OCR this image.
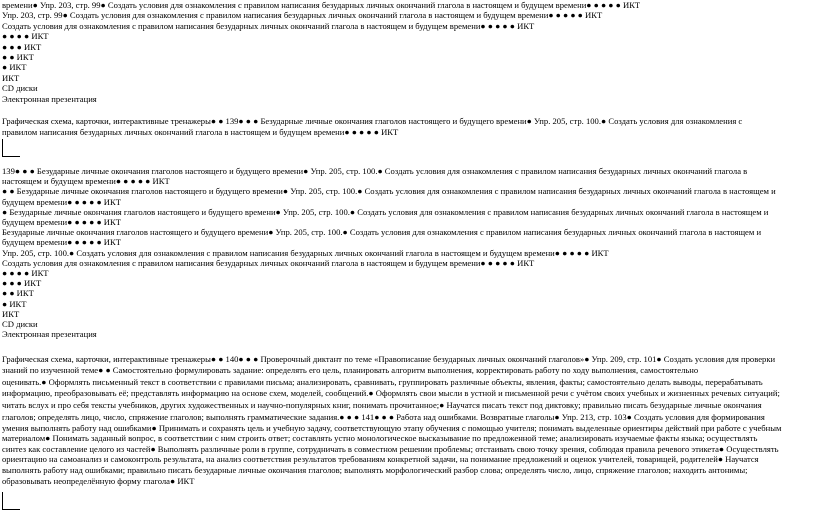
времени● Упр. 203, стр. 99● Создать условия для ознакомления с правилом написания безударных личных окончаний глагола в настоящем и будущем времени● ● ● ● ● ИКТ
Упр. 203, стр. 99● Создать условия для ознакомления с правилом написания безударных личных окончаний глагола в настоящем и будущем времени● ● ● ● ● ИКТ
Создать условия для ознакомления с правилом написания безударных личных окончаний глагола в настоящем и будущем времени● ● ● ● ● ИКТ
● ● ● ● ИКТ
● ● ● ИКТ
● ● ИКТ
● ИКТ
ИКТ
CD диски
Электронная презентация
Графическая схема, карточки, интерактивные тренажеры● ● 139● ● ● Безударные личные окончания глаголов настоящего и будущего времени● Упр. 205, стр. 100.● Создать условия для ознакомления с
правилом написания безударных личных окончаний глагола в настоящем и будущем времени● ● ● ● ● ИКТ
139● ● ● Безударные личные окончания глаголов настоящего и будущего времени● Упр. 205, стр. 100.● Создать условия для ознакомления с правилом написания безударных личных окончаний глагола в
настоящем и будущем времени● ● ● ● ● ИКТ
● ● Безударные личные окончания глаголов настоящего и будущего времени● Упр. 205, стр. 100.● Создать условия для ознакомления с правилом написания безударных личных окончаний глагола в настоящем и
будущем времени● ● ● ● ● ИКТ
● Безударные личные окончания глаголов настоящего и будущего времени● Упр. 205, стр. 100.● Создать условия для ознакомления с правилом написания безударных личных окончаний глагола в настоящем и
будущем времени● ● ● ● ● ИКТ
Безударные личные окончания глаголов настоящего и будущего времени● Упр. 205, стр. 100.● Создать условия для ознакомления с правилом написания безударных личных окончаний глагола в настоящем и
будущем времени● ● ● ● ● ИКТ
Упр. 205, стр. 100.● Создать условия для ознакомления с правилом написания безударных личных окончаний глагола в настоящем и будущем времени● ● ● ● ● ИКТ
Создать условия для ознакомления с правилом написания безударных личных окончаний глагола в настоящем и будущем времени● ● ● ● ● ИКТ
● ● ● ● ИКТ
● ● ● ИКТ
● ● ИКТ
● ИКТ
ИКТ
CD диски
Электронная презентация
Графическая схема, карточки, интерактивные тренажеры● ● 140● ● ● Проверочный диктант по теме «Правописание безударных личных окончаний глаголов»● Упр. 209, стр. 101● Создать условия для проверки
знаний по изученной теме● ● Самостоятельно формулировать задание: определять его цель, планировать алгоритм выполнения, корректировать работу по ходу выполнения, самостоятельно
оценивать.● Оформлять письменный текст в соответствии с правилами письма; анализировать, сравнивать, группировать различные объекты, явления, факты; самостоятельно делать выводы, перерабатывать
информацию, преобразовывать её; представлять информацию на основе схем, моделей, сообщений.● Оформлять свои мысли в устной и письменной речи с учётом своих учебных и жизненных речевых ситуаций;
читать вслух и про себя тексты учебников, других художественных и научно-популярных книг, понимать прочитанное;● Научатся писать текст под диктовку; правильно писать безударные личные окончания
глаголов; определять лицо, число, спряжение глаголов; выполнять грамматические задания.● ● ● 141● ● ● Работа над ошибками. Возвратные глаголы● Упр. 213, стр. 103● Создать условия для формирования
умения выполнять работу над ошибками● Принимать и сохранять цель и учебную задачу, соответствующую этапу обучения с помощью учителя; понимать выделенные ориентиры действий при работе с учебным
материалом● Понимать заданный вопрос, в соответствии с ним строить ответ; составлять устно монологическое высказывание по предложенной теме; анализировать изучаемые факты языка; осуществлять
синтез как составление целого из частей● Выполнять различные роли в группе, сотрудничать в совместном решении проблемы; отстаивать свою точку зрения, соблюдая правила речевого этикета● Осуществлять
ориентацию на самоанализ и самоконтроль результата, на анализ соответствия результатов требованиям конкретной задачи, на понимание предложений и оценок учителей, товарищей, родителей● Научатся
выполнять работу над ошибками; правильно писать безударные личные окончания глаголов; выполнять морфологический разбор слова; определять число, лицо, спряжение глаголов; находить антонимы;
образовывать неопределённую форму глагола● ИКТ
